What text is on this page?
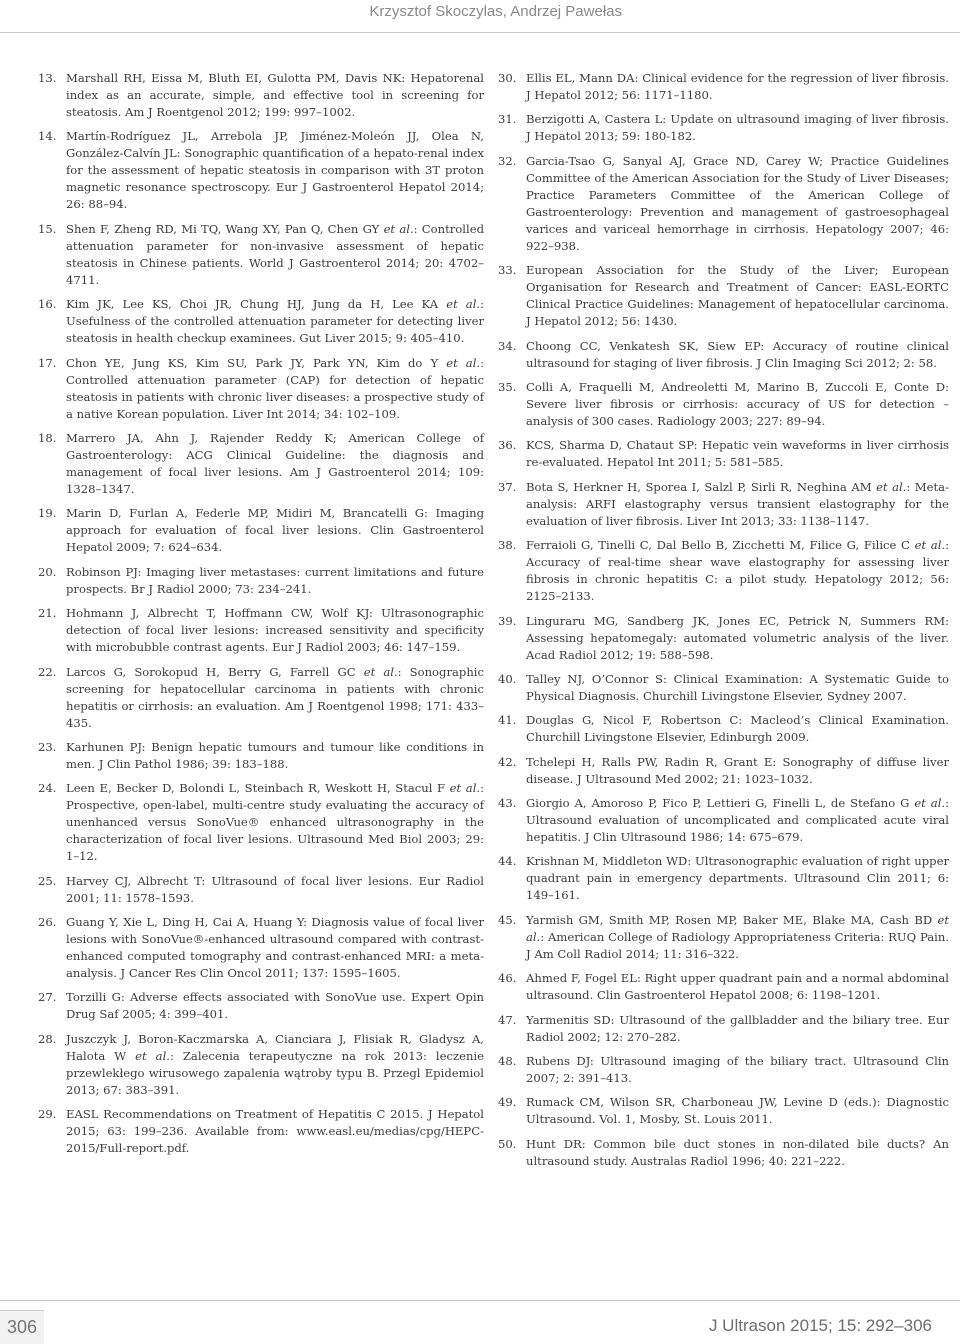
Krzysztof Skoczylas, Andrzej Pawełas
13. Marshall RH, Eissa M, Bluth EI, Gulotta PM, Davis NK: Hepatorenal index as an accurate, simple, and effective tool in screening for steatosis. Am J Roentgenol 2012; 199: 997–1002.
14. Martín-Rodríguez JL, Arrebola JP, Jiménez-Moleón JJ, Olea N, González-Calvín JL: Sonographic quantification of a hepato-renal index for the assessment of hepatic steatosis in comparison with 3T proton magnetic resonance spectroscopy. Eur J Gastroenterol Hepatol 2014; 26: 88–94.
15. Shen F, Zheng RD, Mi TQ, Wang XY, Pan Q, Chen GY et al.: Controlled attenuation parameter for non-invasive assessment of hepatic steatosis in Chinese patients. World J Gastroenterol 2014; 20: 4702–4711.
16. Kim JK, Lee KS, Choi JR, Chung HJ, Jung da H, Lee KA et al.: Usefulness of the controlled attenuation parameter for detecting liver steatosis in health checkup examinees. Gut Liver 2015; 9: 405–410.
17. Chon YE, Jung KS, Kim SU, Park JY, Park YN, Kim do Y et al.: Controlled attenuation parameter (CAP) for detection of hepatic steatosis in patients with chronic liver diseases: a prospective study of a native Korean population. Liver Int 2014; 34: 102–109.
18. Marrero JA, Ahn J, Rajender Reddy K; American College of Gastroenterology: ACG Clinical Guideline: the diagnosis and management of focal liver lesions. Am J Gastroenterol 2014; 109: 1328–1347.
19. Marin D, Furlan A, Federle MP, Midiri M, Brancatelli G: Imaging approach for evaluation of focal liver lesions. Clin Gastroenterol Hepatol 2009; 7: 624–634.
20. Robinson PJ: Imaging liver metastases: current limitations and future prospects. Br J Radiol 2000; 73: 234–241.
21. Hohmann J, Albrecht T, Hoffmann CW, Wolf KJ: Ultrasonographic detection of focal liver lesions: increased sensitivity and specificity with microbubble contrast agents. Eur J Radiol 2003; 46: 147–159.
22. Larcos G, Sorokopud H, Berry G, Farrell GC et al.: Sonographic screening for hepatocellular carcinoma in patients with chronic hepatitis or cirrhosis: an evaluation. Am J Roentgenol 1998; 171: 433–435.
23. Karhunen PJ: Benign hepatic tumours and tumour like conditions in men. J Clin Pathol 1986; 39: 183–188.
24. Leen E, Becker D, Bolondi L, Steinbach R, Weskott H, Stacul F et al.: Prospective, open-label, multi-centre study evaluating the accuracy of unenhanced versus SonoVue® enhanced ultrasonography in the characterization of focal liver lesions. Ultrasound Med Biol 2003; 29: 1–12.
25. Harvey CJ, Albrecht T: Ultrasound of focal liver lesions. Eur Radiol 2001; 11: 1578–1593.
26. Guang Y, Xie L, Ding H, Cai A, Huang Y: Diagnosis value of focal liver lesions with SonoVue®-enhanced ultrasound compared with contrast-enhanced computed tomography and contrast-enhanced MRI: a meta-analysis. J Cancer Res Clin Oncol 2011; 137: 1595–1605.
27. Torzilli G: Adverse effects associated with SonoVue use. Expert Opin Drug Saf 2005; 4: 399–401.
28. Juszczyk J, Boron-Kaczmarska A, Cianciara J, Flisiak R, Gladysz A, Halota W et al.: Zalecenia terapeutyczne na rok 2013: leczenie przewlekłego wirusowego zapalenia wątroby typu B. Przegl Epidemiol 2013; 67: 383–391.
29. EASL Recommendations on Treatment of Hepatitis C 2015. J Hepatol 2015; 63: 199–236. Available from: www.easl.eu/medias/cpg/HEPC-2015/Full-report.pdf.
30. Ellis EL, Mann DA: Clinical evidence for the regression of liver fibrosis. J Hepatol 2012; 56: 1171–1180.
31. Berzigotti A, Castera L: Update on ultrasound imaging of liver fibrosis. J Hepatol 2013; 59: 180-182.
32. Garcia-Tsao G, Sanyal AJ, Grace ND, Carey W; Practice Guidelines Committee of the American Association for the Study of Liver Diseases; Practice Parameters Committee of the American College of Gastroenterology: Prevention and management of gastroesophageal varices and variceal hemorrhage in cirrhosis. Hepatology 2007; 46: 922–938.
33. European Association for the Study of the Liver; European Organisation for Research and Treatment of Cancer: EASL-EORTC Clinical Practice Guidelines: Management of hepatocellular carcinoma. J Hepatol 2012; 56: 1430.
34. Choong CC, Venkatesh SK, Siew EP: Accuracy of routine clinical ultrasound for staging of liver fibrosis. J Clin Imaging Sci 2012; 2: 58.
35. Colli A, Fraquelli M, Andreoletti M, Marino B, Zuccoli E, Conte D: Severe liver fibrosis or cirrhosis: accuracy of US for detection – analysis of 300 cases. Radiology 2003; 227: 89–94.
36. KCS, Sharma D, Chataut SP: Hepatic vein waveforms in liver cirrhosis re-evaluated. Hepatol Int 2011; 5: 581–585.
37. Bota S, Herkner H, Sporea I, Salzl P, Sirli R, Neghina AM et al.: Meta-analysis: ARFI elastography versus transient elastography for the evaluation of liver fibrosis. Liver Int 2013; 33: 1138–1147.
38. Ferraioli G, Tinelli C, Dal Bello B, Zicchetti M, Filice G, Filice C et al.: Accuracy of real-time shear wave elastography for assessing liver fibrosis in chronic hepatitis C: a pilot study. Hepatology 2012; 56: 2125–2133.
39. Linguraru MG, Sandberg JK, Jones EC, Petrick N, Summers RM: Assessing hepatomegaly: automated volumetric analysis of the liver. Acad Radiol 2012; 19: 588–598.
40. Talley NJ, O’Connor S: Clinical Examination: A Systematic Guide to Physical Diagnosis. Churchill Livingstone Elsevier, Sydney 2007.
41. Douglas G, Nicol F, Robertson C: Macleod’s Clinical Examination. Churchill Livingstone Elsevier, Edinburgh 2009.
42. Tchelepi H, Ralls PW, Radin R, Grant E: Sonography of diffuse liver disease. J Ultrasound Med 2002; 21: 1023–1032.
43. Giorgio A, Amoroso P, Fico P, Lettieri G, Finelli L, de Stefano G et al.: Ultrasound evaluation of uncomplicated and complicated acute viral hepatitis. J Clin Ultrasound 1986; 14: 675–679.
44. Krishnan M, Middleton WD: Ultrasonographic evaluation of right upper quadrant pain in emergency departments. Ultrasound Clin 2011; 6: 149–161.
45. Yarmish GM, Smith MP, Rosen MP, Baker ME, Blake MA, Cash BD et al.: American College of Radiology Appropriateness Criteria: RUQ Pain. J Am Coll Radiol 2014; 11: 316–322.
46. Ahmed F, Fogel EL: Right upper quadrant pain and a normal abdominal ultrasound. Clin Gastroenterol Hepatol 2008; 6: 1198–1201.
47. Yarmenitis SD: Ultrasound of the gallbladder and the biliary tree. Eur Radiol 2002; 12: 270–282.
48. Rubens DJ: Ultrasound imaging of the biliary tract. Ultrasound Clin 2007; 2: 391–413.
49. Rumack CM, Wilson SR, Charboneau JW, Levine D (eds.): Diagnostic Ultrasound. Vol. 1, Mosby, St. Louis 2011.
50. Hunt DR: Common bile duct stones in non-dilated bile ducts? An ultrasound study. Australas Radiol 1996; 40: 221–222.
306	J Ultrason 2015; 15: 292–306
